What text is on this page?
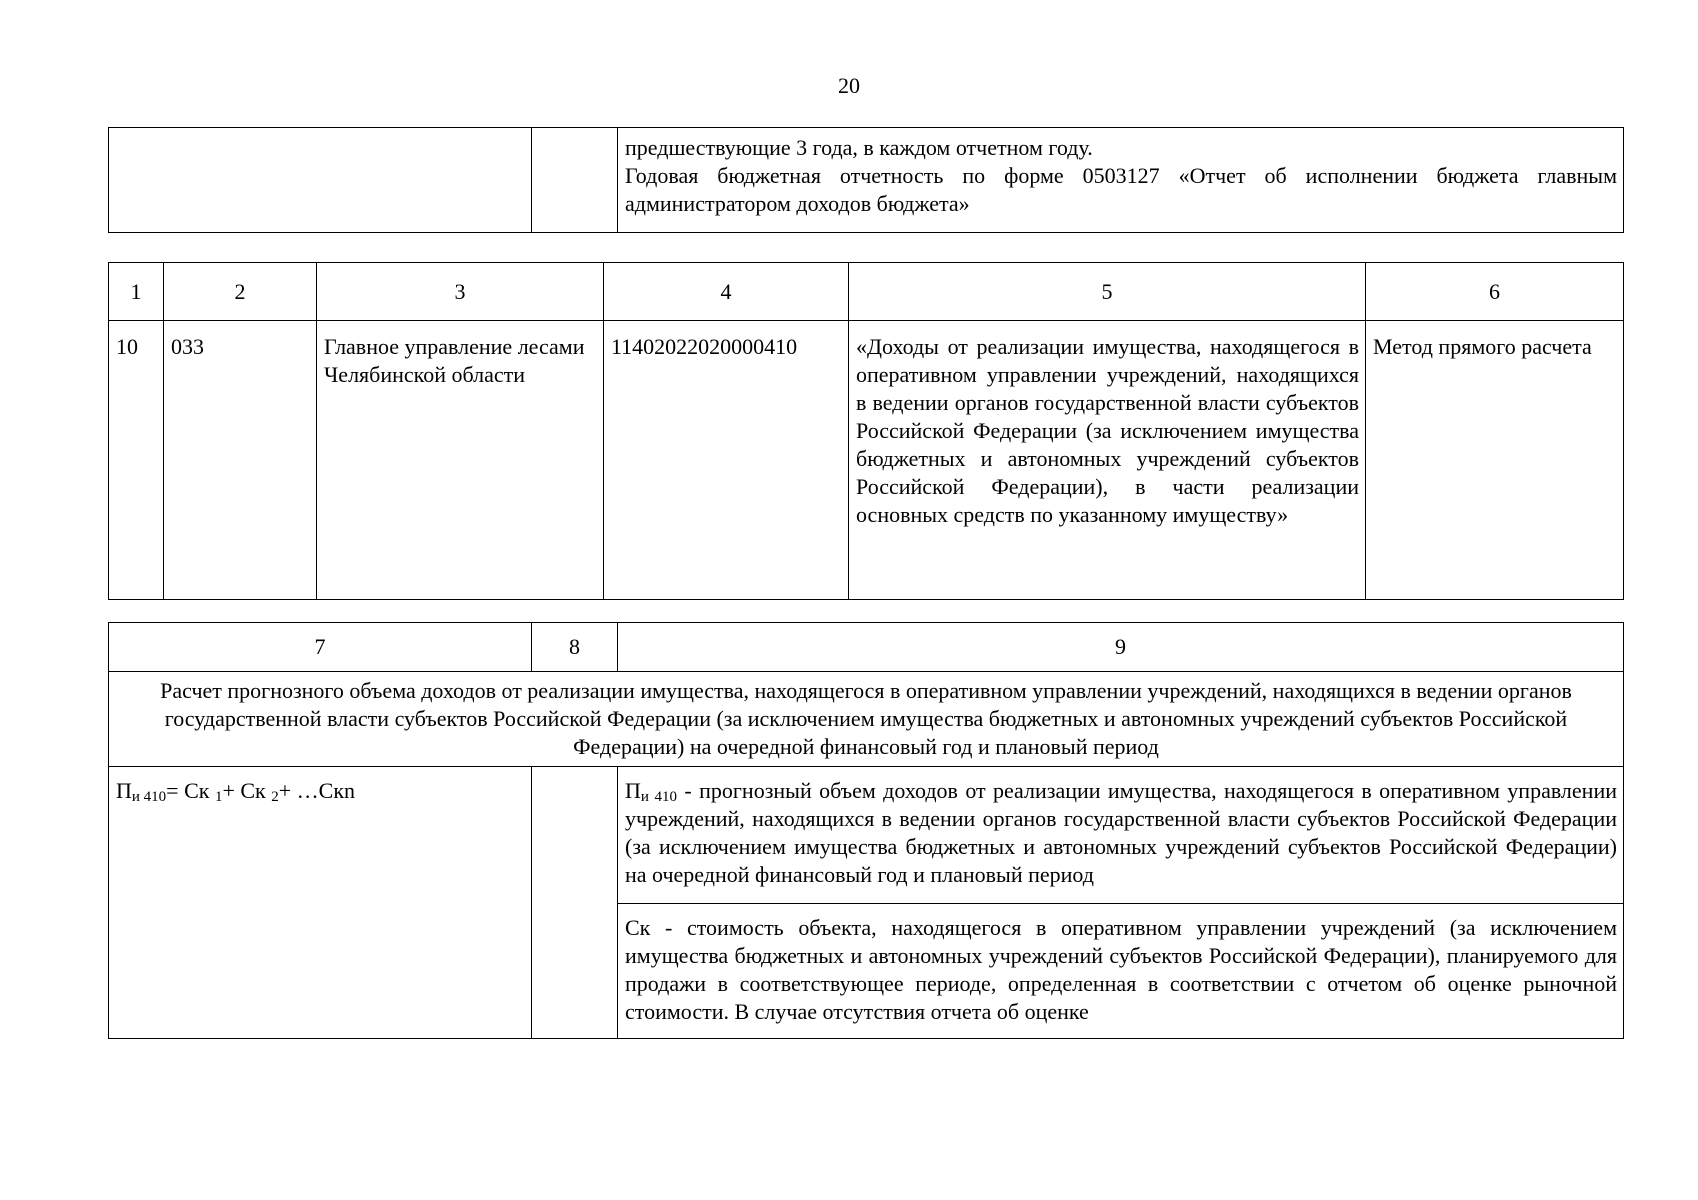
20

предшествующие 3 года, в каждом отчетном году.
Годовая бюджетная отчетность по форме 0503127 «Отчет об исполнении бюджета главным администратором доходов бюджета»
1	2	3	4	5	6
10	033	Главное управление лесами Челябинской области	11402022020000410	«Доходы от реализации имущества, находящегося в оперативном управлении учреждений, находящихся в ведении органов государственной власти субъектов Российской Федерации (за исключением имущества бюджетных и автономных учреждений субъектов Российской Федерации), в части реализации основных средств по указанному имуществу»	Метод прямого расчета
7	8	9
Расчет прогнозного объема доходов от реализации имущества, находящегося в оперативном управлении учреждений, находящихся в ведении органов государственной власти субъектов Российской Федерации (за исключением имущества бюджетных и автономных учреждений субъектов Российской Федерации) на очередной финансовый год и плановый период		
$П_{и 410}=$ Ск $_1$+ Ск $_2$+ …Скn		$П_{и 410}$ - прогнозный объем доходов от реализации имущества, находящегося в оперативном управлении учреждений, находящихся в ведении органов государственной власти субъектов Российской Федерации (за исключением имущества бюджетных и автономных учреждений субъектов Российской Федерации) на очередной финансовый год и плановый период
		Ск - стоимость объекта, находящегося в оперативном управлении учреждений (за исключением имущества бюджетных и автономных учреждений субъектов Российской Федерации), планируемого для продажи в соответствующее периоде, определенная в соответствии с отчетом об оценке рыночной стоимости. В случае отсутствия отчета об оценке
